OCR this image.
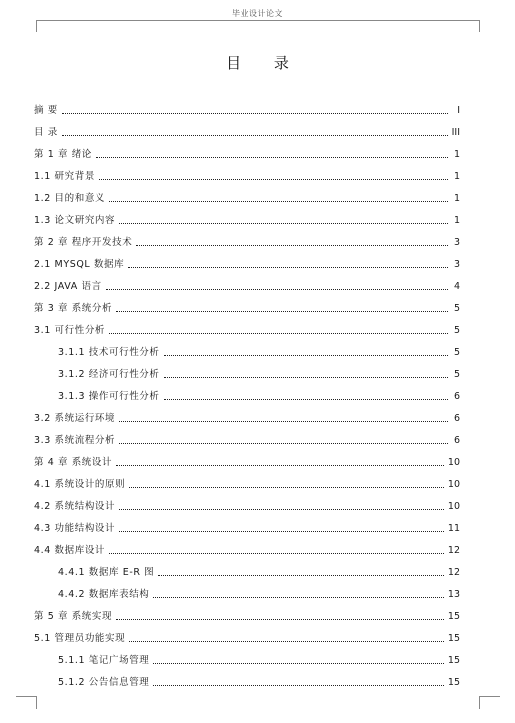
毕业设计论文
目 录
摘 要	I
目 录	III
第 1 章 绪论	1
1.1 研究背景	1
1.2 目的和意义	1
1.3 论文研究内容	1
第 2 章 程序开发技术	3
2.1 MYSQL 数据库	3
2.2 JAVA 语言	4
第 3 章 系统分析	5
3.1 可行性分析	5
3.1.1 技术可行性分析	5
3.1.2 经济可行性分析	5
3.1.3 操作可行性分析	6
3.2 系统运行环境	6
3.3 系统流程分析	6
第 4 章 系统设计	10
4.1 系统设计的原则	10
4.2 系统结构设计	10
4.3 功能结构设计	11
4.4 数据库设计	12
4.4.1 数据库 E-R 图	12
4.4.2 数据库表结构	13
第 5 章 系统实现	15
5.1 管理员功能实现	15
5.1.1 笔记广场管理	15
5.1.2 公告信息管理	15
